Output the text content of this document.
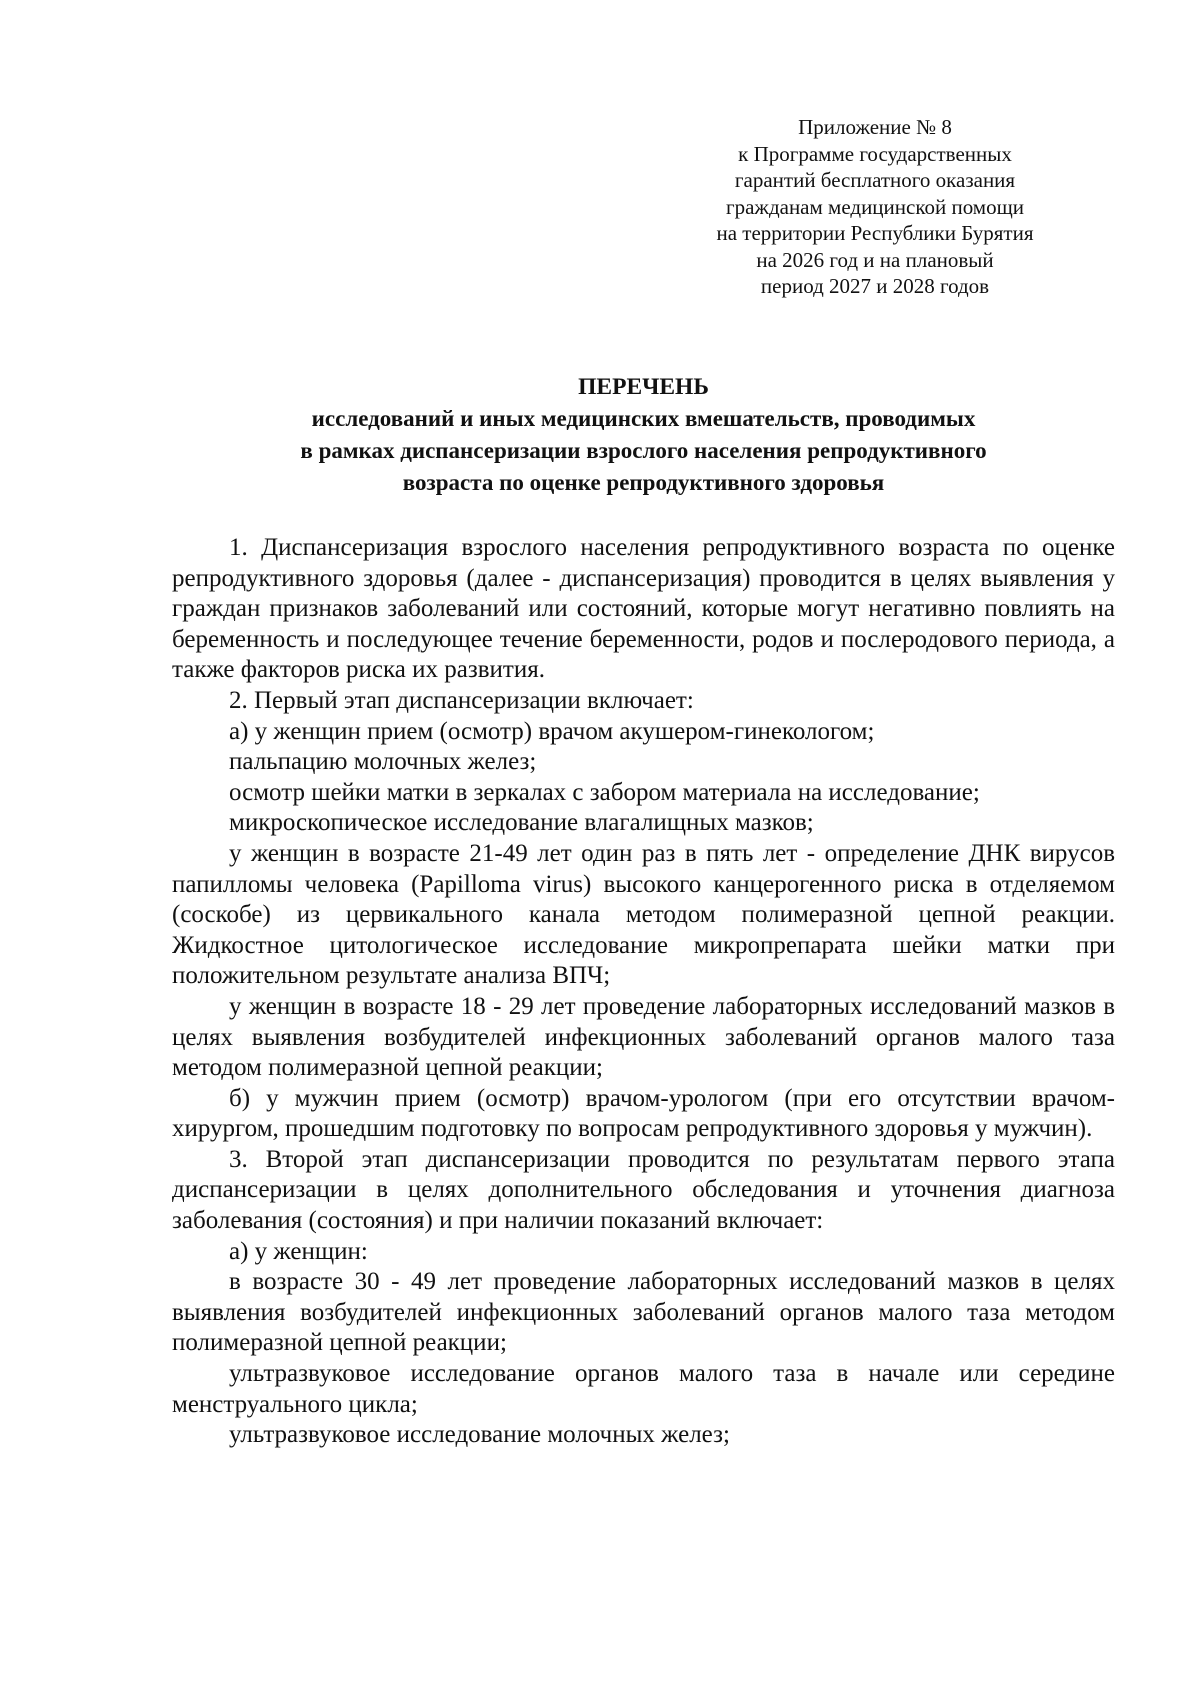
Приложение № 8
к Программе государственных
гарантий бесплатного оказания
гражданам медицинской помощи
на территории Республики Бурятия
на 2026 год и на плановый
период 2027 и 2028 годов
ПЕРЕЧЕНЬ
исследований и иных медицинских вмешательств, проводимых
в рамках диспансеризации взрослого населения репродуктивного
возраста по оценке репродуктивного здоровья

1. Диспансеризация взрослого населения репродуктивного возраста по оценке репродуктивного здоровья (далее - диспансеризация) проводится в целях выявления у граждан признаков заболеваний или состояний, которые могут негативно повлиять на беременность и последующее течение беременности, родов и послеродового периода, а также факторов риска их развития.

2. Первый этап диспансеризации включает:

а) у женщин прием (осмотр) врачом акушером-гинекологом;

пальпацию молочных желез;

осмотр шейки матки в зеркалах с забором материала на исследование;

микроскопическое исследование влагалищных мазков;

у женщин в возрасте 21-49 лет один раз в пять лет - определение ДНК вирусов папилломы человека (Papilloma virus) высокого канцерогенного риска в отделяемом (соскобе) из цервикального канала методом полимеразной цепной реакции. Жидкостное цитологическое исследование микропрепарата шейки матки при положительном результате анализа ВПЧ;

у женщин в возрасте 18 - 29 лет проведение лабораторных исследований мазков в целях выявления возбудителей инфекционных заболеваний органов малого таза методом полимеразной цепной реакции;

б) у мужчин прием (осмотр) врачом-урологом (при его отсутствии врачом-хирургом, прошедшим подготовку по вопросам репродуктивного здоровья у мужчин).

3. Второй этап диспансеризации проводится по результатам первого этапа диспансеризации в целях дополнительного обследования и уточнения диагноза заболевания (состояния) и при наличии показаний включает:

а) у женщин:

в возрасте 30 - 49 лет проведение лабораторных исследований мазков в целях выявления возбудителей инфекционных заболеваний органов малого таза методом полимеразной цепной реакции;

ультразвуковое исследование органов малого таза в начале или середине менструального цикла;

ультразвуковое исследование молочных желез;
